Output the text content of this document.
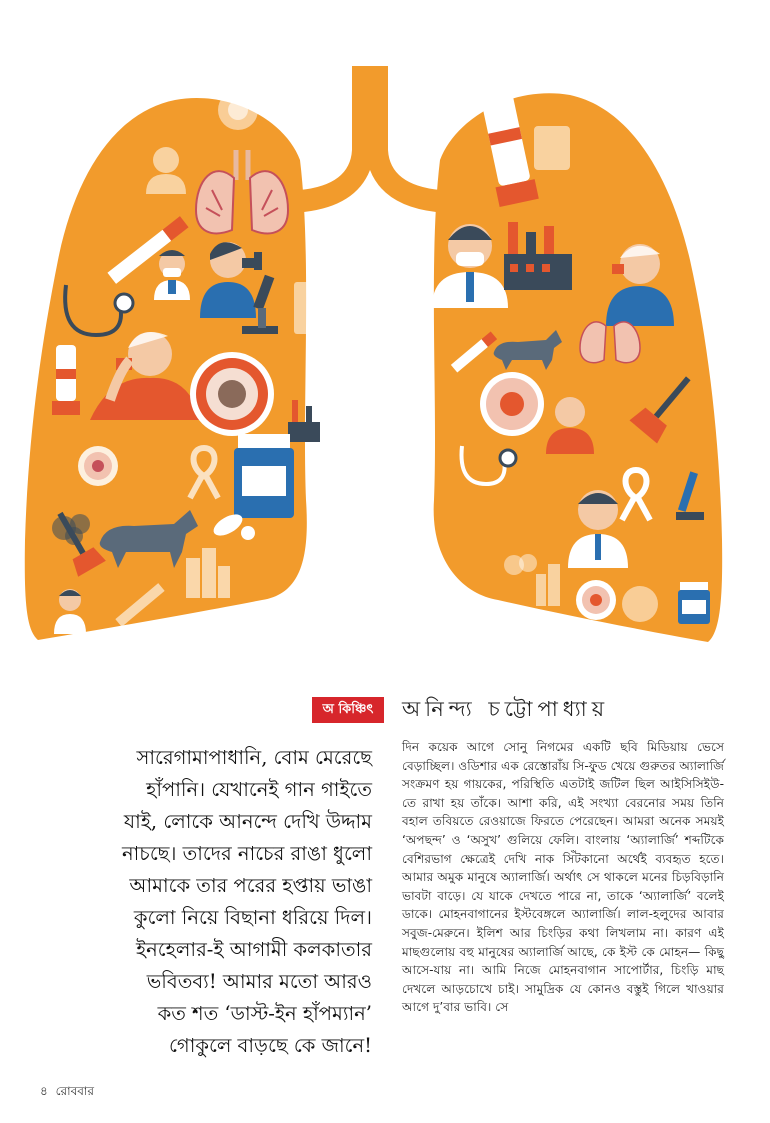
অ কিঞ্চিৎ	অনিন্দ্য চট্টোপাধ্যায়
সারেগামাপাধানি, বোম মেরেছে হাঁপানি। যেখানেই গান গাইতে যাই, লোকে আনন্দে দেখি উদ্দাম নাচছে। তাদের নাচের রাঙা ধুলো আমাকে তার পরের হপ্তায় ভাঙা কুলো নিয়ে বিছানা ধরিয়ে দিল। ইনহেলার-ই আগামী কলকাতার ভবিতব্য! আমার মতো আরও কত শত ‘ডাস্ট-ইন হাঁপম্যান’ গোকুলে বাড়ছে কে জানে!
দিন কয়েক আগে সোনু নিগমের একটি ছবি মিডিয়ায় ভেসে বেড়াচ্ছিল। ওডিশার এক রেস্তোরাঁয় সি-ফুড খেয়ে গুরুতর অ্যালার্জি সংক্রমণ হয় গায়কের, পরিস্থিতি এতটাই জটিল ছিল আইসিসিইউ-তে রাখা হয় তাঁকে। আশা করি, এই সংখ্যা বেরনোর সময় তিনি বহাল তবিয়তে রেওয়াজে ফিরতে পেরেছেন। আমরা অনেক সময়ই ‘অপছন্দ’ ও ‘অসুখ’ গুলিয়ে ফেলি। বাংলায় ‘অ্যালার্জি’ শব্দটিকে বেশিরভাগ ক্ষেত্রেই দেখি নাক সিঁটকানো অর্থেই ব্যবহৃত হতে। আমার অমুক মানুষে অ্যালার্জি। অর্থাৎ সে থাকলে মনের চিড়বিড়ানি ভাবটা বাড়ে। যে যাকে দেখতে পারে না, তাকে ‘অ্যালার্জি’ বলেই ডাকে। মোহনবাগানের ইস্টবেঙ্গলে অ্যালার্জি। লাল-হলুদের আবার সবুজ-মেরুনে। ইলিশ আর চিংড়ির কথা লিখলাম না। কারণ এই মাছগুলোয় বহু মানুষের অ্যালার্জি আছে, কে ইস্ট কে মোহন— কিছু আসে-যায় না। আমি নিজে মোহনবাগান সাপোর্টার, চিংড়ি মাছ দেখলে আড়চোখে চাই। সামুদ্রিক যে কোনও বস্তুই গিলে খাওয়ার আগে দু’বার ভাবি। সে
৪ রোববার
